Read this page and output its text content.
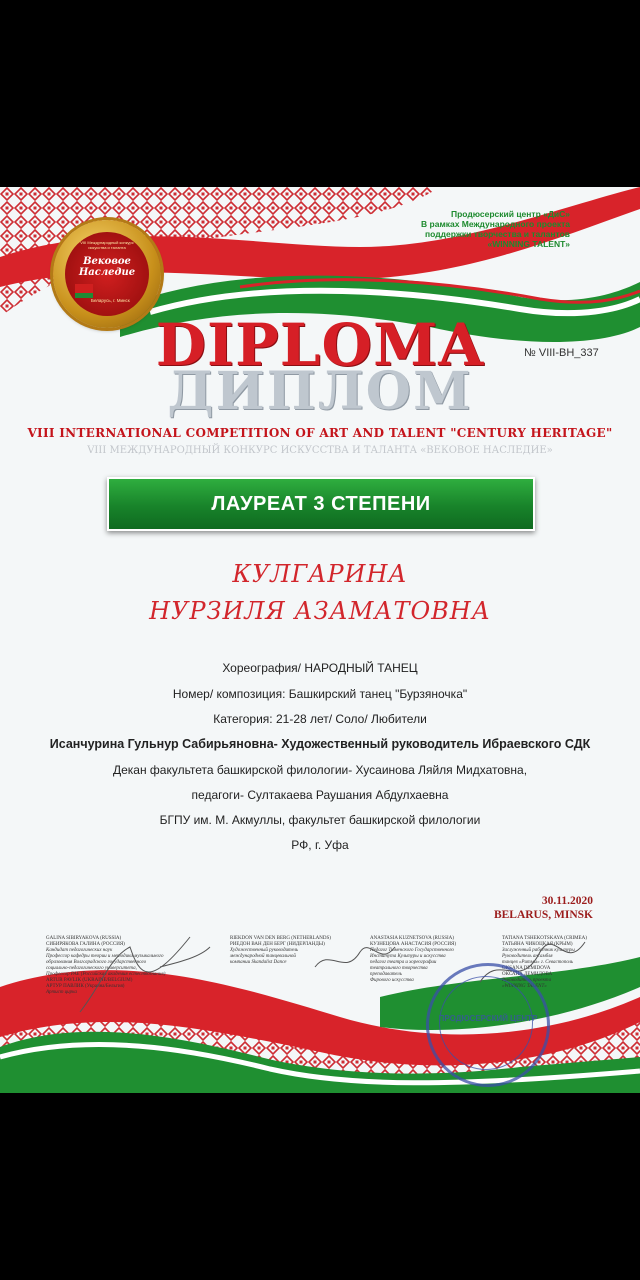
VIII Международный конкурс искусства и таланта
Вековое
Наследие
Беларусь, г. Минск
Продюсерский центр «ДиС»
В рамках Международного проекта
поддержки творчества и талантов
«WINNING TALENT»
№ VIII-BH_337
DIPLOMA
ДИПЛОМ
VIII INTERNATIONAL COMPETITION OF ART AND TALENT "CENTURY HERITAGE"
VIII МЕЖДУНАРОДНЫЙ КОНКУРС ИСКУССТВА И ТАЛАНТА «ВЕКОВОЕ НАСЛЕДИЕ»
ЛАУРЕАТ 3 СТЕПЕНИ
КУЛГАРИНА
НУРЗИЛЯ АЗАМАТОВНА
Хореография/ НАРОДНЫЙ ТАНЕЦ
Номер/ композиция: Башкирский танец "Бурзяночка"
Категория: 21-28 лет/ Соло/ Любители
Исанчурина Гульнур Сабирьяновна- Художественный руководитель Ибраевского СДК
Декан факультета башкирской филологии- Хусаинова Ляйля Мидхатовна,
педагоги- Султакаева Раушания Абдулхаевна
БГПУ им. М. Акмуллы, факультет башкирской филологии
РФ, г. Уфа
30.11.2020
BELARUS, MINSK
GALINA SIBIRYAKOVA (RUSSIA)
СИБИРЯКОВА ГАЛИНА (РОССИЯ)
Кандидат педагогических наук
Профессор кафедры теории и методики музыкального
образования Волгоградского государственного
социально-педагогического университета,
Профессор РАЕ (Российская академия естествознания)
ARTUR PAVLIK (UKRAINE/BELGIUM)
АРТУР ПАВЛИК (Украина/Бельгия)
Артист цирка
RIEKDON VAN DEN BERG (NETHERLANDS)
РИЕДОН ВАН ДЕН БЕРГ (НИДЕРЛАНДЫ)
Художественный руководитель
международной танцевальной
компании Skandalist Dance
ANASTASIA KUZNETSOVA (RUSSIA)
КУЗНЕЦОВА АНАСТАСИЯ (РОССИЯ)
Педагог Тюменского Государственного
Института Культуры и искусства
педагог театра и хореографии
театрального творчества
преподаватель
Фирового искусства
TATIANA TSHEKOTSKAYA (CRIMEA)
ТАТЬЯНА ЧИКОЦКАЯ (КРЫМ)
Заслуженный работник культуры
Руководитель ансамбля
танцев «Ритмы» г. Севастополь
OKSANA DEMIDOVA
ОКСАНА ДЕМИДОВА
Руководитель проекта
«WINNING TALENT»
ПРОДЮСЕРСКИЙ ЦЕНТР
